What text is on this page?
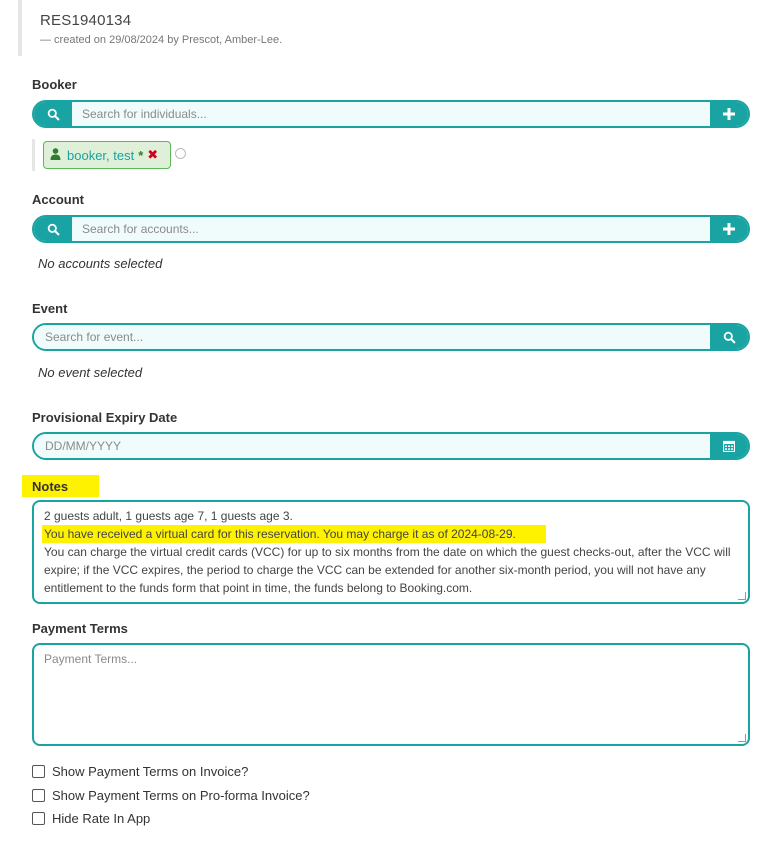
RES1940134
— created on 29/08/2024 by Prescot, Amber-Lee.
Booker
Search for individuals...
booker, test * ✖
Account
Search for accounts...
No accounts selected
Event
Search for event...
No event selected
Provisional Expiry Date
DD/MM/YYYY
Notes
2 guests adult, 1 guests age 7, 1 guests age 3.
You have received a virtual card for this reservation. You may charge it as of 2024-08-29.
You can charge the virtual credit cards (VCC) for up to six months from the date on which the guest checks-out, after the VCC will expire; if the VCC expires, the period to charge the VCC can be extended for another six-month period, you will not have any entitlement to the funds form that point in time, the funds belong to Booking.com.
Payment Terms
Payment Terms...
Show Payment Terms on Invoice?
Show Payment Terms on Pro-forma Invoice?
Hide Rate In App
